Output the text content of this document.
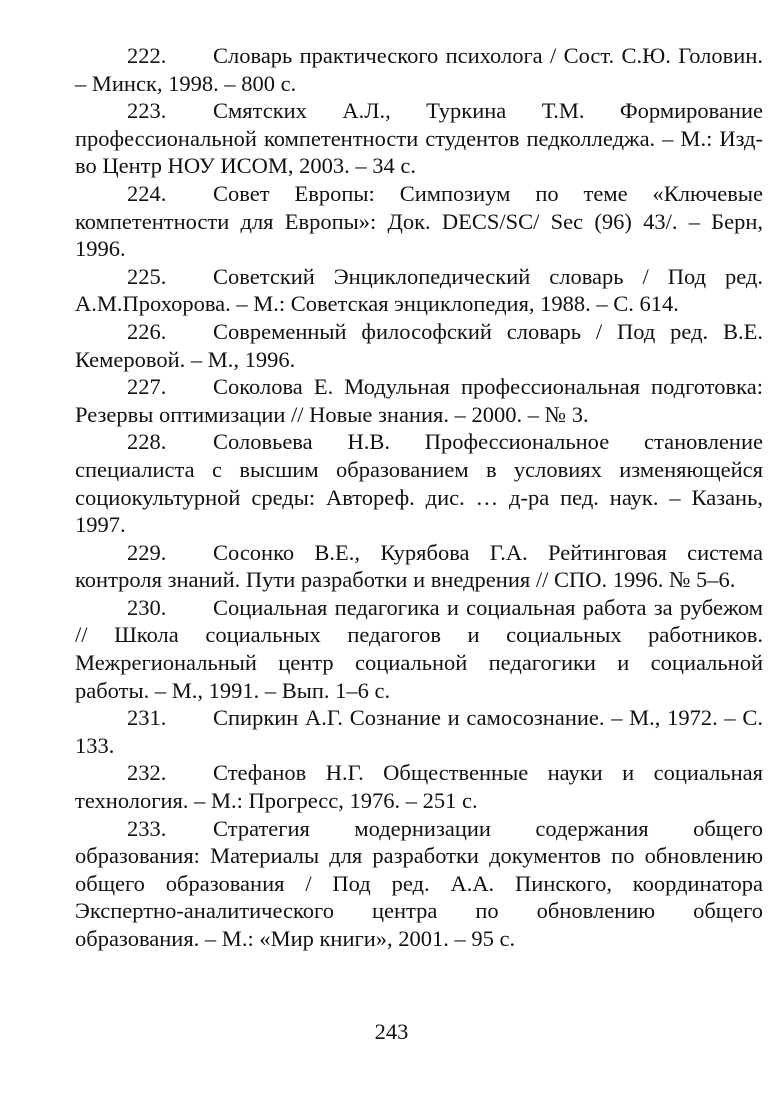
222. Словарь практического психолога / Сост. С.Ю. Головин. – Минск, 1998. – 800 с.

223. Смятских А.Л., Туркина Т.М. Формирование профессиональной компетентности студентов педколледжа. – М.: Изд-во Центр НОУ ИСОМ, 2003. – 34 с.

224. Совет Европы: Симпозиум по теме «Ключевые компетентности для Европы»: Док. DECS/SC/ Sec (96) 43/. – Берн, 1996.

225. Советский Энциклопедический словарь / Под ред. А.М.Прохорова. – М.: Советская энциклопедия, 1988. – С. 614.

226. Современный философский словарь / Под ред. В.Е. Кемеровой. – М., 1996.

227. Соколова Е. Модульная профессиональная подготовка: Резервы оптимизации // Новые знания. – 2000. – № 3.

228. Соловьева Н.В. Профессиональное становление специалиста с высшим образованием в условиях изменяющейся социокультурной среды: Автореф. дис. … д-ра пед. наук. – Казань, 1997.

229. Сосонко В.Е., Курябова Г.А. Рейтинговая система контроля знаний. Пути разработки и внедрения // СПО. 1996. № 5–6.

230. Социальная педагогика и социальная работа за рубежом // Школа социальных педагогов и социальных работников. Межрегиональный центр социальной педагогики и социальной работы. – М., 1991. – Вып. 1–6 с.

231. Спиркин А.Г. Сознание и самосознание. – М., 1972. – С. 133.

232. Стефанов Н.Г. Общественные науки и социальная технология. – М.: Прогресс, 1976. – 251 с.

233. Стратегия модернизации содержания общего образования: Материалы для разработки документов по обновлению общего образования / Под ред. А.А. Пинского, координатора Экспертно-аналитического центра по обновлению общего образования. – М.: «Мир книги», 2001. – 95 с.

243
